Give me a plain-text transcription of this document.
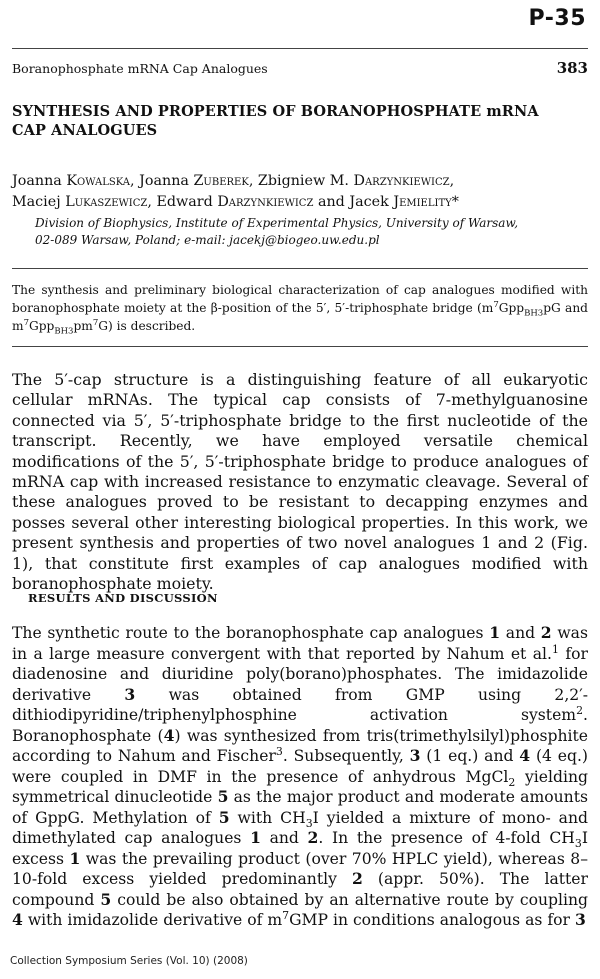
P-35
Boranophosphate mRNA Cap Analogues	383
SYNTHESIS AND PROPERTIES OF BORANOPHOSPHATE mRNA
CAP ANALOGUES
Joanna Kowalska, Joanna Zuberek, Zbigniew M. Darzynkiewicz,
Maciej Lukaszewicz, Edward Darzynkiewicz and Jacek Jemielity*
Division of Biophysics, Institute of Experimental Physics, University of Warsaw,
02-089 Warsaw, Poland; e-mail: jacekj@biogeo.uw.edu.pl
The synthesis and preliminary biological characterization of cap analogues modified with boranophosphate moiety at the β-position of the 5′, 5′-triphosphate bridge ($m^7Gpp_{BH3}pG$ and $m^7Gpp_{BH3}pm^7G$) is described.
The 5′-cap structure is a distinguishing feature of all eukaryotic cellular mRNAs. The typical cap consists of 7-methylguanosine connected via 5′, 5′-triphosphate bridge to the first nucleotide of the transcript. Recently, we have employed versatile chemical modifications of the 5′, 5′-triphosphate bridge to produce analogues of mRNA cap with increased resistance to enzymatic cleavage. Several of these analogues proved to be resistant to decapping enzymes and posses several other interesting biological properties. In this work, we present synthesis and properties of two novel analogues 1 and 2 (Fig. 1), that constitute first examples of cap analogues modified with boranophosphate moiety.
RESULTS AND DISCUSSION
The synthetic route to the boranophosphate cap analogues 1 and 2 was in a large measure convergent with that reported by Nahum et al.$^1$ for diadenosine and diuridine poly(borano)phosphates. The imidazolide derivative 3 was obtained from GMP using 2,2′-dithiodipyridine/triphenylphosphine activation system$^2$. Boranophosphate (4) was synthesized from tris(trimethylsilyl)phosphite according to Nahum and Fischer$^3$. Subsequently, 3 (1 eq.) and 4 (4 eq.) were coupled in DMF in the presence of anhydrous MgCl$_2$ yielding symmetrical dinucleotide 5 as the major product and moderate amounts of GppG. Methylation of 5 with $CH_3I$ yielded a mixture of mono- and dimethylated cap analogues 1 and 2. In the presence of 4-fold $CH_3I$ excess 1 was the prevailing product (over 70% HPLC yield), whereas 8–10-fold excess yielded predominantly 2 (appr. 50%). The latter compound 5 could be also obtained by an alternative route by coupling 4 with imidazolide derivative of $m^7GMP$ in conditions analogous as for 3
Collection Symposium Series (Vol. 10) (2008)
